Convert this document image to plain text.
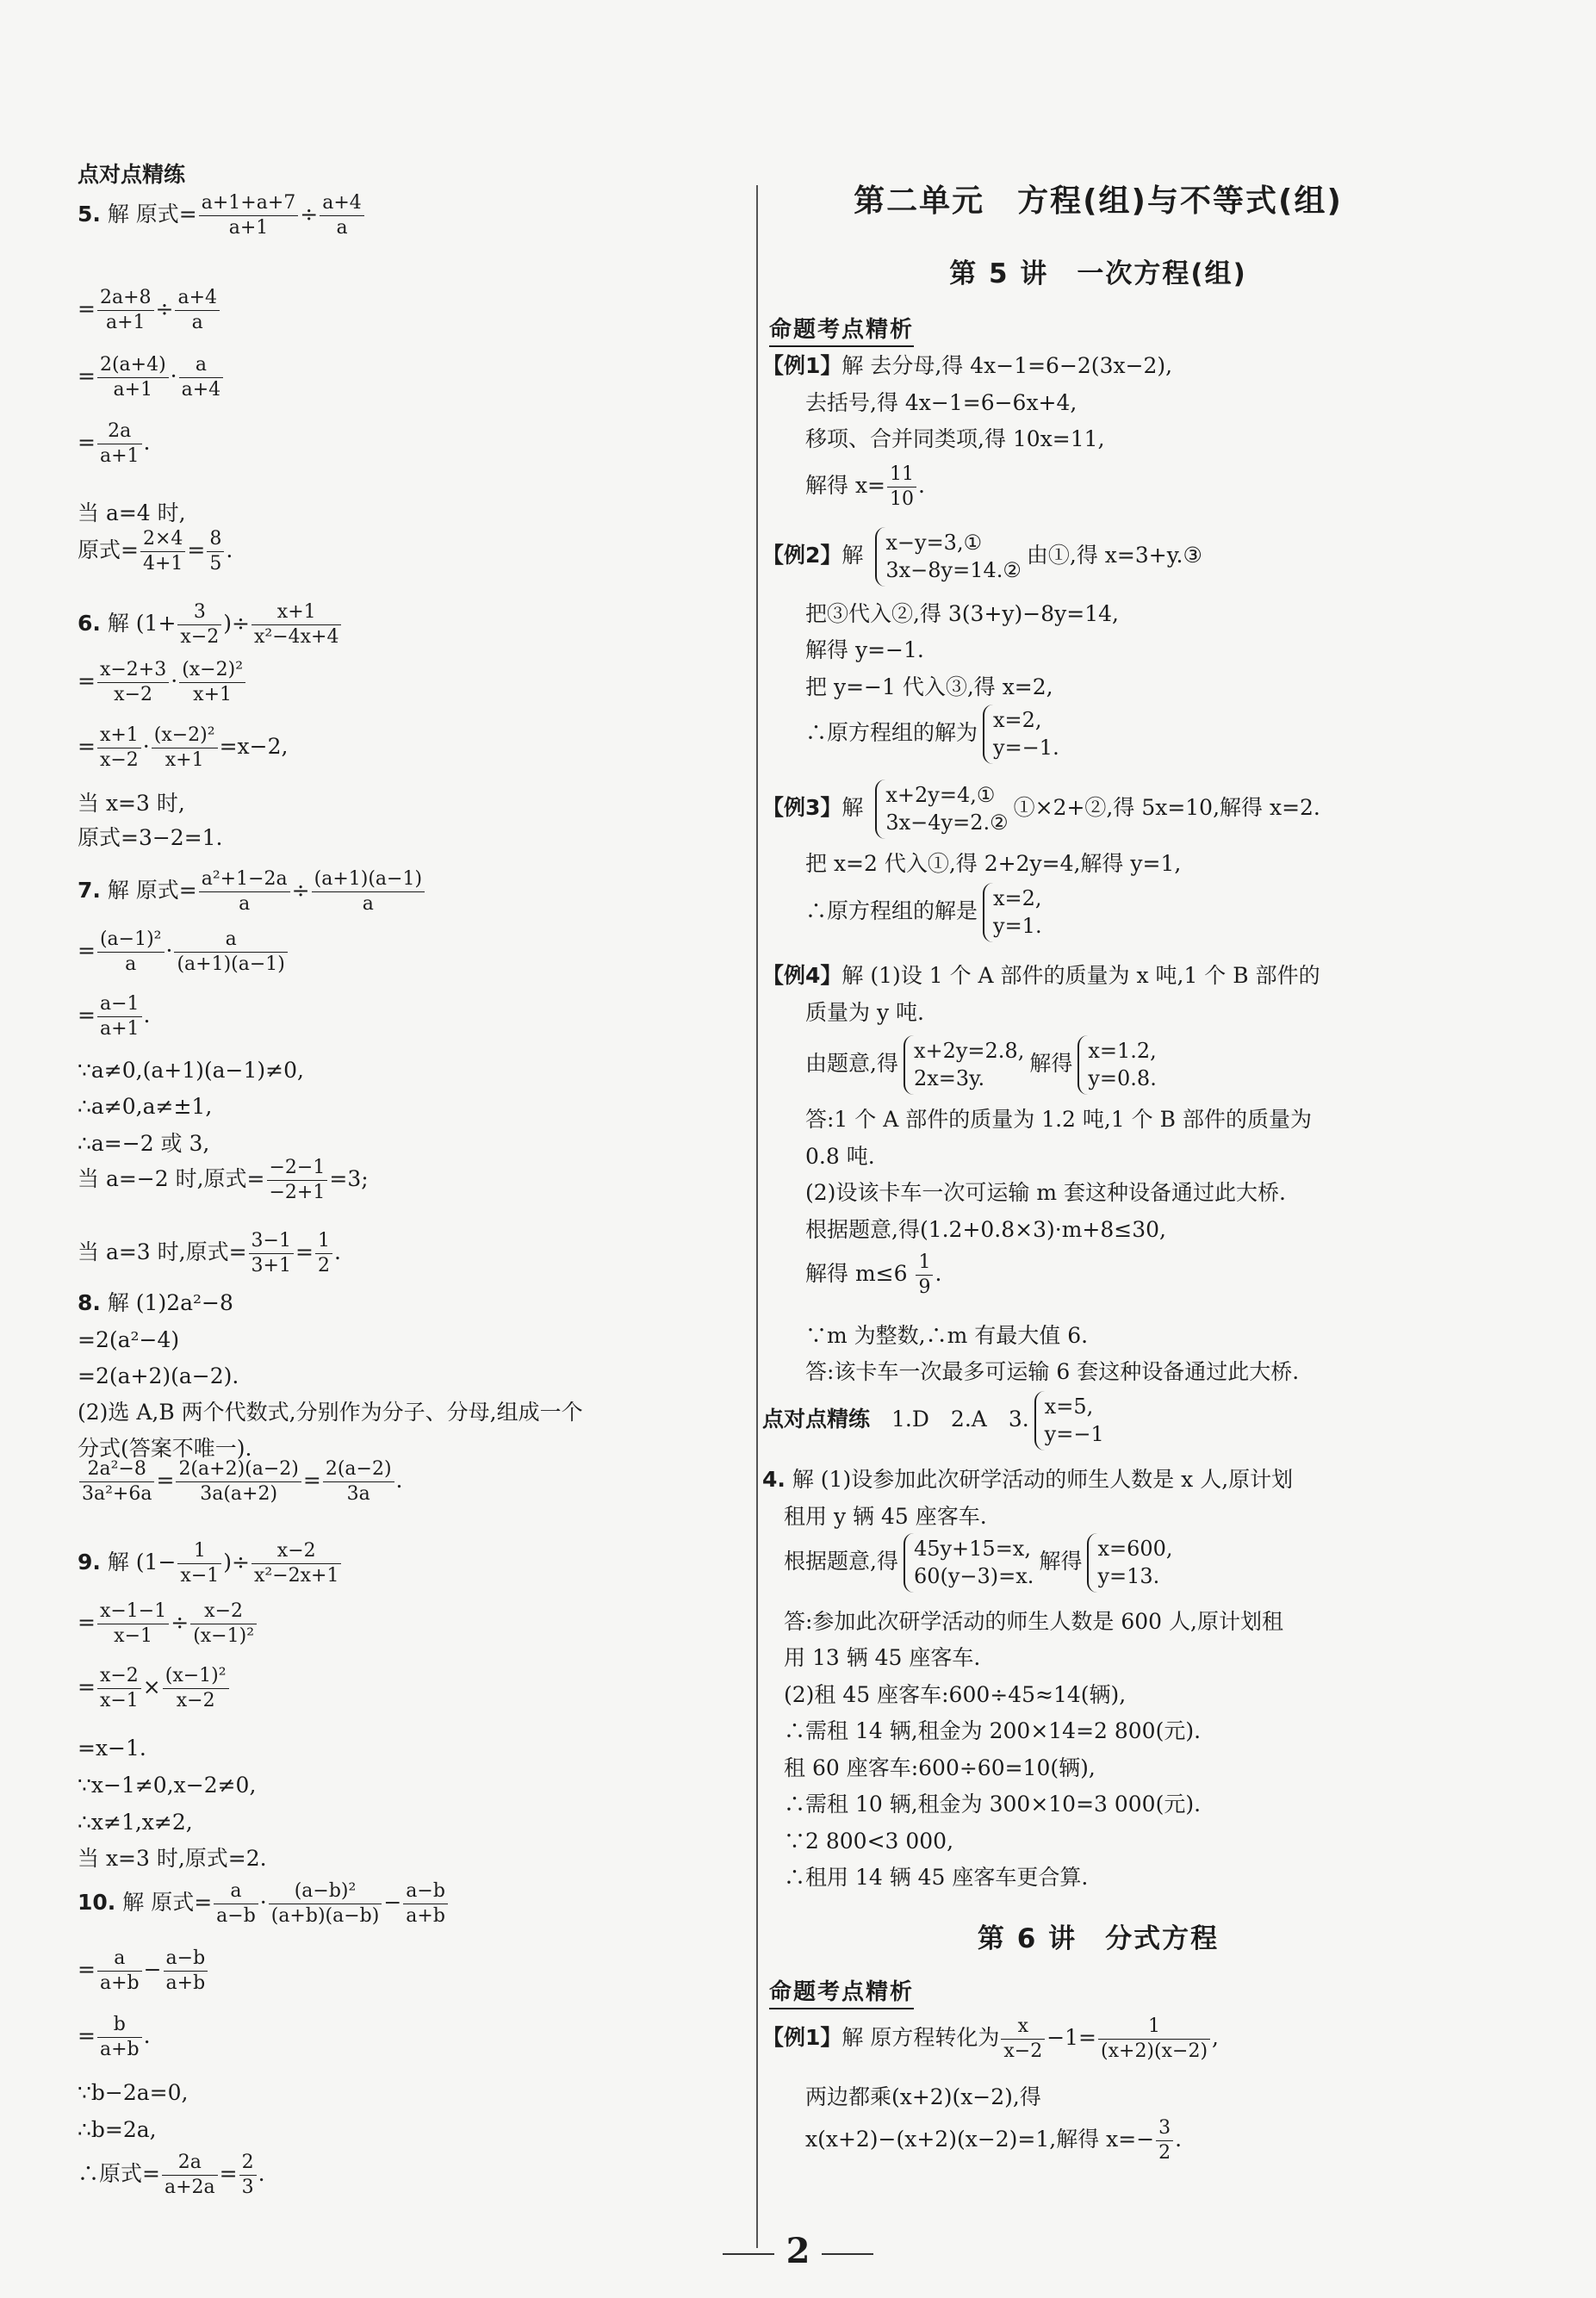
点对点精练
5. 解 原式= $\frac{a+1+a+7}{a+1} \div \frac{a+4}{a}$
= $\frac{2a+8}{a+1} \div \frac{a+4}{a}$
= $\frac{2(a+4)}{a+1} \cdot \frac{a}{a+4}$
= $\frac{2a}{a+1}$ .
当 a=4 时,
原式= $\frac{2\times 4}{4+1} = \frac{8}{5}$ .
6. 解 ($1+ \frac{3}{x-2}$ )÷ $\frac{x+1}{\text{x²−4x+4}}$
= $\frac{x-2+3}{x-2} \cdot \frac{\text{(x−2)²}}{x+1}$
= $\frac{x+1}{x-2} \cdot \frac{\text{(x−2)²}}{x+1} =x-2$,
当 x=3 时,
原式=3−2=1.
7. 解 原式= $\frac{\text{a²+1−2a}}{a} \div \frac{(a+1)(a-1)}{a}$
= $\frac{\text{(a−1)²}}{a} \cdot \frac{a}{(a+1)(a-1)}$
= $\frac{a-1}{a+1}$ .
∵a≠0,(a+1)(a−1)≠0,
∴a≠0,a≠±1,
∴a=−2 或 3,
当 a=−2 时,原式= $\frac{-2-1}{-2+1} =3$;
当 a=3 时,原式= $\frac{3-1}{3+1} = \frac{1}{2}$ .
8. 解 (1)2a²−8
=2(a²−4)
=2(a+2)(a−2).
(2)选 A,B 两个代数式,分别作为分子、分母,组成一个
分式(答案不唯一).
$\frac{\text{2a²−8}}{\text{3a²+6a}} = \frac{2(a+2)(a-2)}{3a(a+2)} = \frac{2(a-2)}{3a}$ .
9. 解 ($1- \frac{1}{x-1}$ )÷ $\frac{x-2}{\text{x²−2x+1}}$
= $\frac{x-1-1}{x-1} \div \frac{x-2}{\text{(x−1)²}}$
= $\frac{x-2}{x-1} \times \frac{\text{(x−1)²}}{x-2}$
=x−1.
∵x−1≠0,x−2≠0,
∴x≠1,x≠2,
当 x=3 时,原式=2.
10. 解 原式= $\frac{a}{a-b} \cdot \frac{\text{(a−b)²}}{(a+b)(a-b)} - \frac{a-b}{a+b}$
= $\frac{a}{a+b} - \frac{a-b}{a+b}$
= $\frac{b}{a+b}$ .
∵b−2a=0,
∴b=2a,
∴原式= $\frac{2a}{a+2a} = \frac{2}{3}$ .
第二单元　方程(组)与不等式(组)
第 5 讲　一次方程(组)
命题考点精析
第 6 讲　分式方程
命题考点精析
【例1】解 去分母,得 4x−1=6−2(3x−2),
　　去括号,得 4x−1=6−6x+4,
　　移项、合并同类项,得 10x=11,
　　解得 $x= \frac{11}{10}$ .
【例2】解 x−y=3,①
3x−8y=14.②
由①,得 x=3+y.③
　　把③代入②,得 3(3+y)−8y=14,
　　解得 y=−1.
　　把 y=−1 代入③,得 x=2,
　　∴原方程组的解为 x=2,
y=−1.
【例3】解 x+2y=4,①
3x−4y=2.②
①×2+②,得 5x=10,解得 x=2.
　　把 x=2 代入①,得 2+2y=4,解得 y=1,
　　∴原方程组的解是 x=2,
y=1.
【例4】解 (1)设 1 个 A 部件的质量为 x 吨,1 个 B 部件的
　　质量为 y 吨.
　　由题意,得 x+2y=2.8,
2x=3y.
解得 x=1.2,
y=0.8.
　　答:1 个 A 部件的质量为 1.2 吨,1 个 B 部件的质量为
　　0.8 吨.
　　(2)设该卡车一次可运输 m 套这种设备通过此大桥.
　　根据题意,得(1.2+0.8×3)·m+8≤30,
　　解得 $m\le 6 \frac{1}{9}$ .
　　∵m 为整数,∴m 有最大值 6.
　　答:该卡车一次最多可运输 6 套这种设备通过此大桥.
点对点精练　1.D　2.A　3. x=5,
y=−1
4. 解 (1)设参加此次研学活动的师生人数是 x 人,原计划
　租用 y 辆 45 座客车.
　根据题意,得 45y+15=x,
60(y−3)=x.
解得 x=600,
y=13.
　答:参加此次研学活动的师生人数是 600 人,原计划租
　用 13 辆 45 座客车.
　(2)租 45 座客车:600÷45≈14(辆),
　∴需租 14 辆,租金为 200×14=2 800(元).
　租 60 座客车:600÷60=10(辆),
　∴需租 10 辆,租金为 300×10=3 000(元).
　∵2 800<3 000,
　∴租用 14 辆 45 座客车更合算.
【例1】解 原方程转化为 $\frac{x}{x-2} -1= \frac{1}{(x+2)(x-2)}$ ,
　　两边都乘(x+2)(x−2),得
　　x(x+2)−(x+2)(x−2)=1,解得 $x=- \frac{3}{2}$ .
2
